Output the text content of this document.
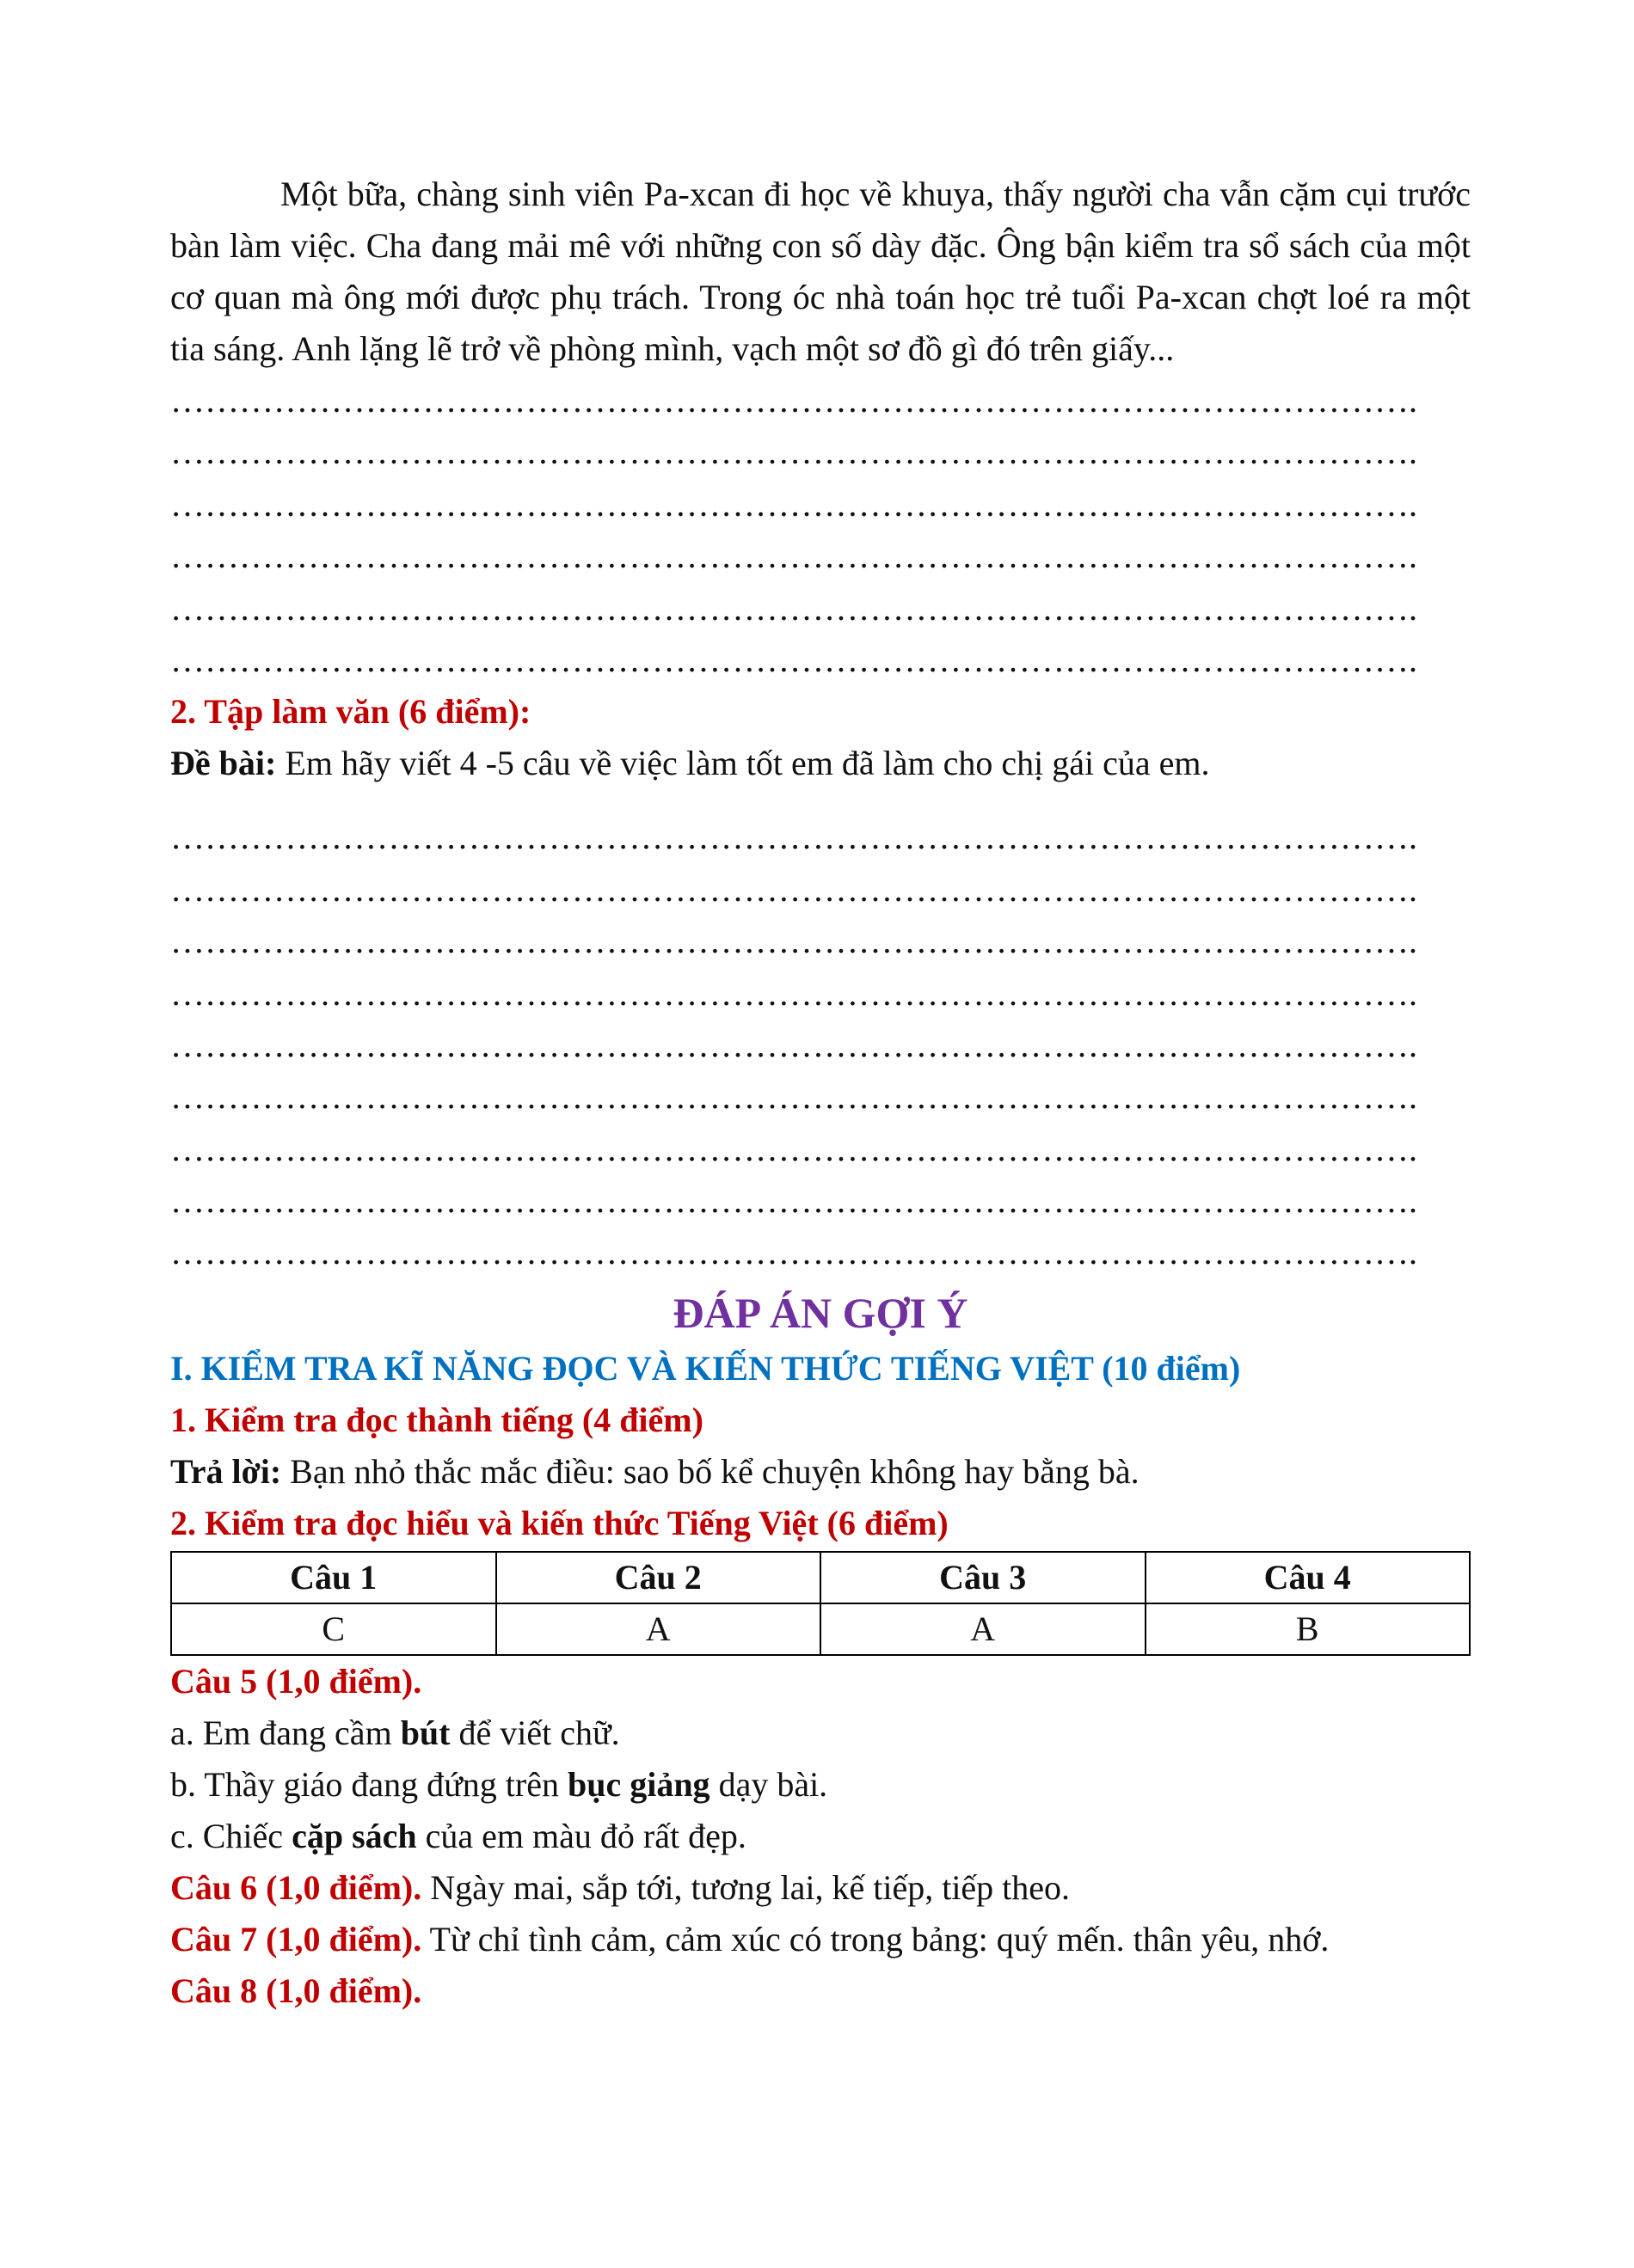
Một bữa, chàng sinh viên Pa-xcan đi học về khuya, thấy người cha vẫn cặm cụi trước bàn làm việc. Cha đang mải mê với những con số dày đặc. Ông bận kiểm tra sổ sách của một cơ quan mà ông mới được phụ trách. Trong óc nhà toán học trẻ tuổi Pa-xcan chợt loé ra một tia sáng. Anh lặng lẽ trở về phòng mình, vạch một sơ đồ gì đó trên giấy...

……………………………………………………………………………………………….
……………………………………………………………………………………………….
……………………………………………………………………………………………….
……………………………………………………………………………………………….
……………………………………………………………………………………………….
……………………………………………………………………………………………….

2. Tập làm văn (6 điểm):

Đề bài: Em hãy viết 4 -5 câu về việc làm tốt em đã làm cho chị gái của em.

……………………………………………………………………………………………….
……………………………………………………………………………………………….
……………………………………………………………………………………………….
……………………………………………………………………………………………….
……………………………………………………………………………………………….
……………………………………………………………………………………………….
……………………………………………………………………………………………….
……………………………………………………………………………………………….
……………………………………………………………………………………………….
ĐÁP ÁN GỢI Ý

I. KIỂM TRA KĨ NĂNG ĐỌC VÀ KIẾN THỨC TIẾNG VIỆT (10 điểm)

1. Kiểm tra đọc thành tiếng (4 điểm)

Trả lời: Bạn nhỏ thắc mắc điều: sao bố kể chuyện không hay bằng bà.

2. Kiểm tra đọc hiểu và kiến thức Tiếng Việt (6 điểm)

Câu 1	Câu 2	Câu 3	Câu 4
C	A	A	B

Câu 5 (1,0 điểm).

a. Em đang cầm bút để viết chữ.

b. Thầy giáo đang đứng trên bục giảng dạy bài.

c. Chiếc cặp sách của em màu đỏ rất đẹp.

Câu 6 (1,0 điểm). Ngày mai, sắp tới, tương lai, kế tiếp, tiếp theo.

Câu 7 (1,0 điểm). Từ chỉ tình cảm, cảm xúc có trong bảng: quý mến. thân yêu, nhớ.

Câu 8 (1,0 điểm).
